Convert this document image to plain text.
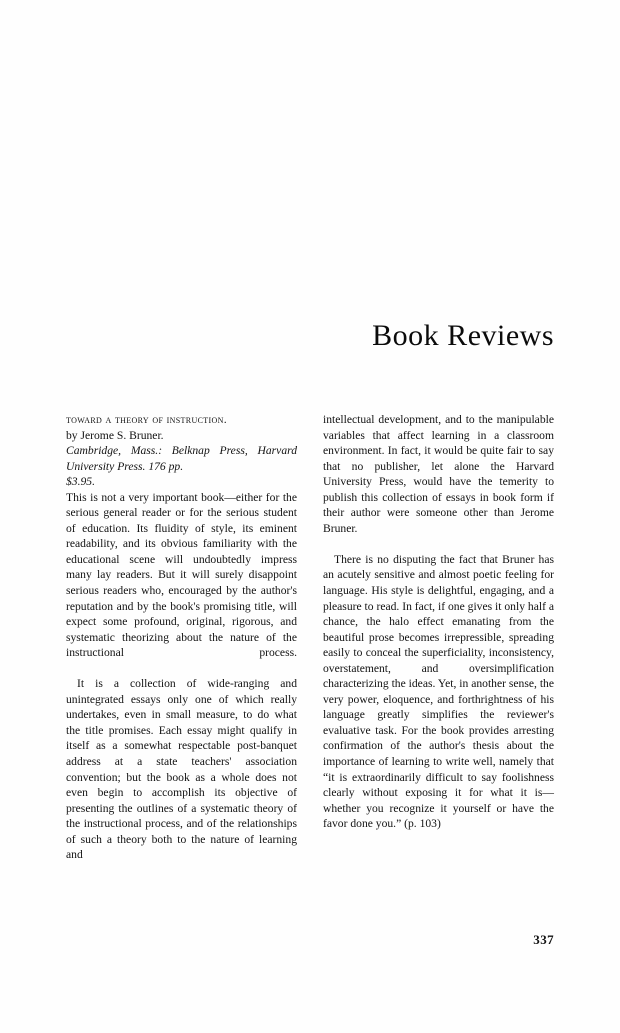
Book Reviews
toward a theory of instruction.
by Jerome S. Bruner.
Cambridge, Mass.: Belknap Press, Harvard University Press. 176 pp.
$3.95.

This is not a very important book—either for the serious general reader or for the serious student of education. Its fluidity of style, its eminent readability, and its obvious familiarity with the educational scene will undoubtedly impress many lay readers. But it will surely disappoint serious readers who, encouraged by the author's reputation and by the book's promising title, will expect some profound, original, rigorous, and systematic theorizing about the nature of the instructional process.

It is a collection of wide-ranging and unintegrated essays only one of which really undertakes, even in small measure, to do what the title promises. Each essay might qualify in itself as a somewhat respectable post-banquet address at a state teachers' association convention; but the book as a whole does not even begin to accomplish its objective of presenting the outlines of a systematic theory of the instructional process, and of the relationships of such a theory both to the nature of learning and

intellectual development, and to the manipulable variables that affect learning in a classroom environment. In fact, it would be quite fair to say that no publisher, let alone the Harvard University Press, would have the temerity to publish this collection of essays in book form if their author were someone other than Jerome Bruner.

There is no disputing the fact that Bruner has an acutely sensitive and almost poetic feeling for language. His style is delightful, engaging, and a pleasure to read. In fact, if one gives it only half a chance, the halo effect emanating from the beautiful prose becomes irrepressible, spreading easily to conceal the superficiality, inconsistency, overstatement, and oversimplification characterizing the ideas. Yet, in another sense, the very power, eloquence, and forthrightness of his language greatly simplifies the reviewer's evaluative task. For the book provides arresting confirmation of the author's thesis about the importance of learning to write well, namely that “it is extraordinarily difficult to say foolishness clearly without exposing it for what it is—whether you recognize it yourself or have the favor done you.” (p. 103)

337
